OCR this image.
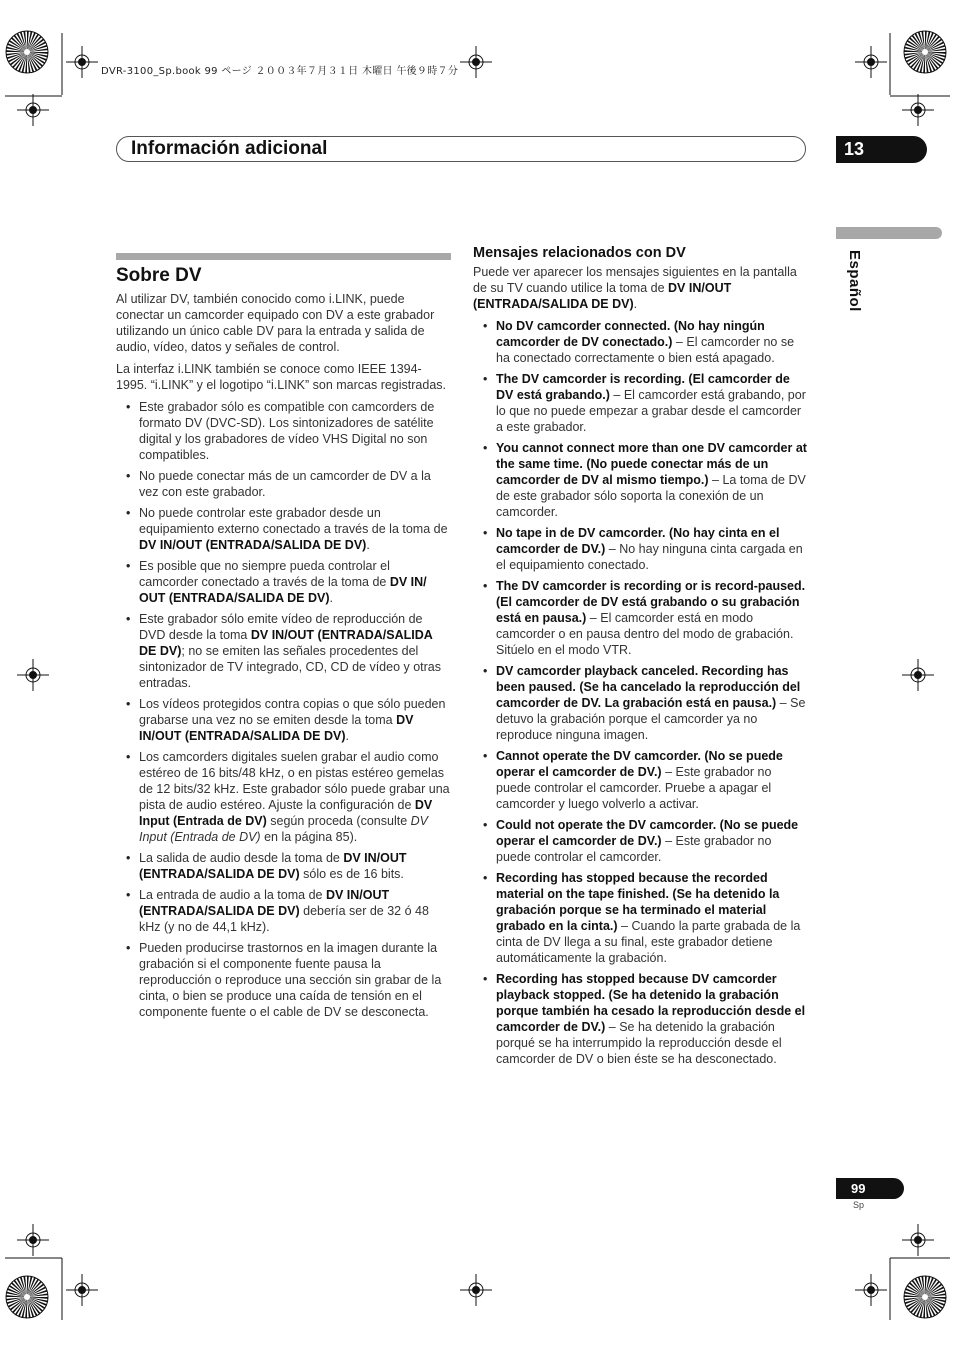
DVR-3100_Sp.book 99 ページ ２００３年７月３１日 木曜日 午後９時７分
Información adicional	13
Español
Sobre DV

Al utilizar DV, también conocido como i.LINK, puede conectar un camcorder equipado con DV a este grabador utilizando un único cable DV para la entrada y salida de audio, vídeo, datos y señales de control.

La interfaz i.LINK también se conoce como IEEE 1394-1995. “i.LINK” y el logotipo “i.LINK” son marcas registradas.

• Este grabador sólo es compatible con camcorders de formato DV (DVC-SD). Los sintonizadores de satélite digital y los grabadores de vídeo VHS Digital no son compatibles.
• No puede conectar más de un camcorder de DV a la vez con este grabador.
• No puede controlar este grabador desde un equipamiento externo conectado a través de la toma de DV IN/OUT (ENTRADA/SALIDA DE DV).
• Es posible que no siempre pueda controlar el camcorder conectado a través de la toma de DV IN/ OUT (ENTRADA/SALIDA DE DV).
• Este grabador sólo emite vídeo de reproducción de DVD desde la toma DV IN/OUT (ENTRADA/SALIDA DE DV); no se emiten las señales procedentes del sintonizador de TV integrado, CD, CD de vídeo y otras entradas.
• Los vídeos protegidos contra copias o que sólo pueden grabarse una vez no se emiten desde la toma DV IN/OUT (ENTRADA/SALIDA DE DV).
• Los camcorders digitales suelen grabar el audio como estéreo de 16 bits/48 kHz, o en pistas estéreo gemelas de 12 bits/32 kHz. Este grabador sólo puede grabar una pista de audio estéreo. Ajuste la configuración de DV Input (Entrada de DV) según proceda (consulte DV Input (Entrada de DV) en la página 85).
• La salida de audio desde la toma de DV IN/OUT (ENTRADA/SALIDA DE DV) sólo es de 16 bits.
• La entrada de audio a la toma de DV IN/OUT (ENTRADA/SALIDA DE DV) debería ser de 32 ó 48 kHz (y no de 44,1 kHz).
• Pueden producirse trastornos en la imagen durante la grabación si el componente fuente pausa la reproducción o reproduce una sección sin grabar de la cinta, o bien se produce una caída de tensión en el componente fuente o el cable de DV se desconecta.
Mensajes relacionados con DV

Puede ver aparecer los mensajes siguientes en la pantalla de su TV cuando utilice la toma de DV IN/OUT (ENTRADA/SALIDA DE DV).

• No DV camcorder connected. (No hay ningún camcorder de DV conectado.) – El camcorder no se ha conectado correctamente o bien está apagado.
• The DV camcorder is recording. (El camcorder de DV está grabando.) – El camcorder está grabando, por lo que no puede empezar a grabar desde el camcorder a este grabador.
• You cannot connect more than one DV camcorder at the same time. (No puede conectar más de un camcorder de DV al mismo tiempo.) – La toma de DV de este grabador sólo soporta la conexión de un camcorder.
• No tape in de DV camcorder. (No hay cinta en el camcorder de DV.) – No hay ninguna cinta cargada en el equipamiento conectado.
• The DV camcorder is recording or is record-paused. (El camcorder de DV está grabando o su grabación está en pausa.) – El camcorder está en modo camcorder o en pausa dentro del modo de grabación. Sitúelo en el modo VTR.
• DV camcorder playback canceled. Recording has been paused. (Se ha cancelado la reproducción del camcorder de DV. La grabación está en pausa.) – Se detuvo la grabación porque el camcorder ya no reproduce ninguna imagen.
• Cannot operate the DV camcorder. (No se puede operar el camcorder de DV.) – Este grabador no puede controlar el camcorder. Pruebe a apagar el camcorder y luego volverlo a activar.
• Could not operate the DV camcorder. (No se puede operar el camcorder de DV.) – Este grabador no puede controlar el camcorder.
• Recording has stopped because the recorded material on the tape finished. (Se ha detenido la grabación porque se ha terminado el material grabado en la cinta.) – Cuando la parte grabada de la cinta de DV llega a su final, este grabador detiene automáticamente la grabación.
• Recording has stopped because DV camcorder playback stopped. (Se ha detenido la grabación porque también ha cesado la reproducción desde el camcorder de DV.) – Se ha detenido la grabación porqué se ha interrumpido la reproducción desde el camcorder de DV o bien éste se ha desconectado.
99
Sp
